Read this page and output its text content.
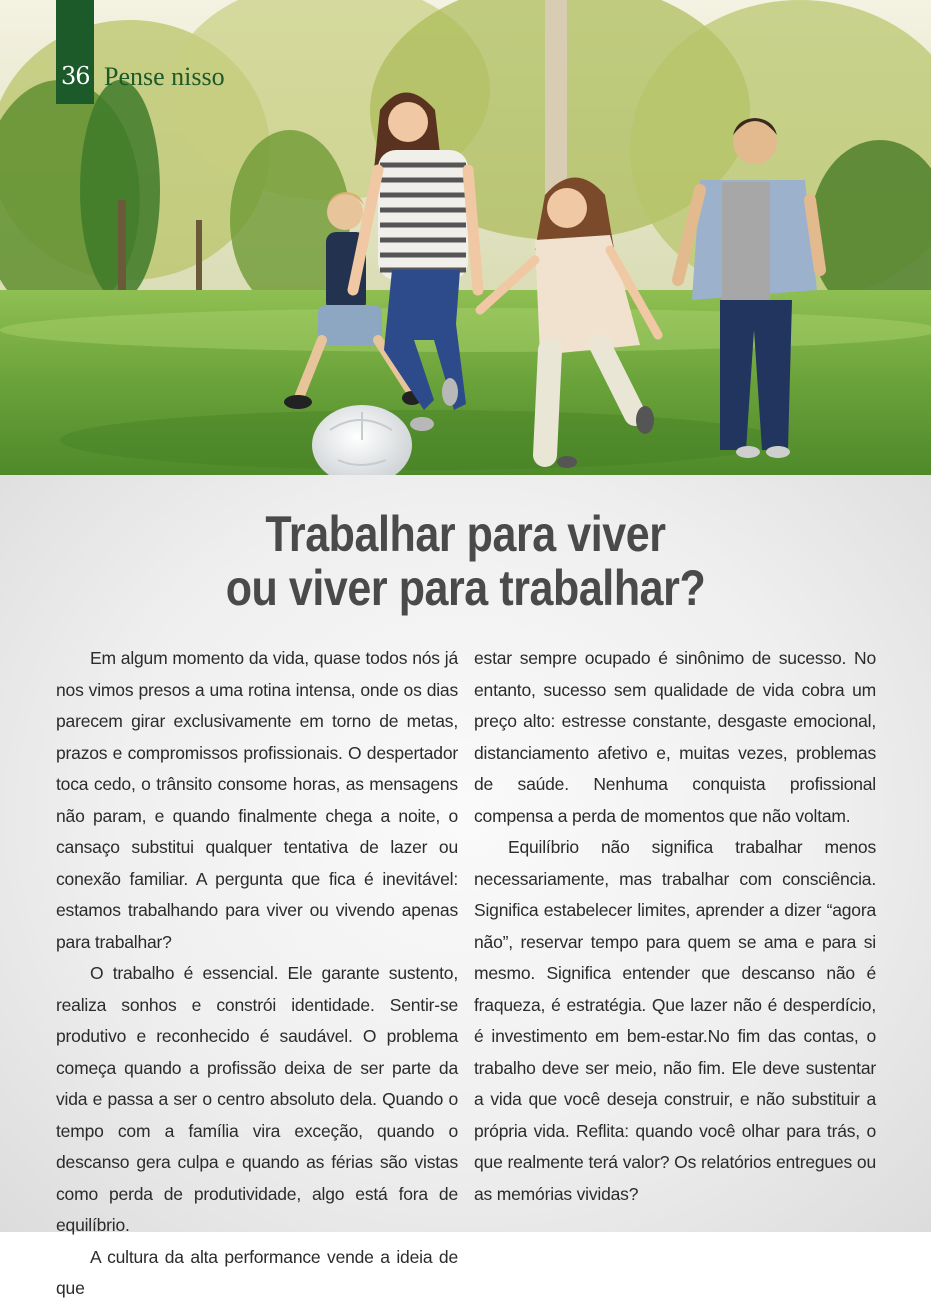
36 Pense nisso
Trabalhar para viver
ou viver para trabalhar?

Em algum momento da vida, quase todos nós já nos vimos presos a uma rotina intensa, onde os dias parecem girar exclusivamente em torno de metas, prazos e compromissos profissionais. O despertador toca cedo, o trânsito consome horas, as mensagens não param, e quando finalmente chega a noite, o cansaço substitui qualquer tentativa de lazer ou conexão familiar. A pergunta que fica é inevitável: estamos trabalhando para viver ou vivendo apenas para trabalhar?

O trabalho é essencial. Ele garante sustento, realiza sonhos e constrói identidade. Sentir-se produtivo e reconhecido é saudável. O problema começa quando a profissão deixa de ser parte da vida e passa a ser o centro absoluto dela. Quando o tempo com a família vira exceção, quando o descanso gera culpa e quando as férias são vistas como perda de produtividade, algo está fora de equilíbrio.

A cultura da alta performance vende a ideia de que

estar sempre ocupado é sinônimo de sucesso. No entanto, sucesso sem qualidade de vida cobra um preço alto: estresse constante, desgaste emocional, distanciamento afetivo e, muitas vezes, problemas de saúde. Nenhuma conquista profissional compensa a perda de momentos que não voltam.

Equilíbrio não significa trabalhar menos necessariamente, mas trabalhar com consciência. Significa estabelecer limites, aprender a dizer “agora não”, reservar tempo para quem se ama e para si mesmo. Significa entender que descanso não é fraqueza, é estratégia. Que lazer não é desperdício, é investimento em bem-estar.No fim das contas, o trabalho deve ser meio, não fim. Ele deve sustentar a vida que você deseja construir, e não substituir a própria vida. Reflita: quando você olhar para trás, o que realmente terá valor? Os relatórios entregues ou as memórias vividas?
